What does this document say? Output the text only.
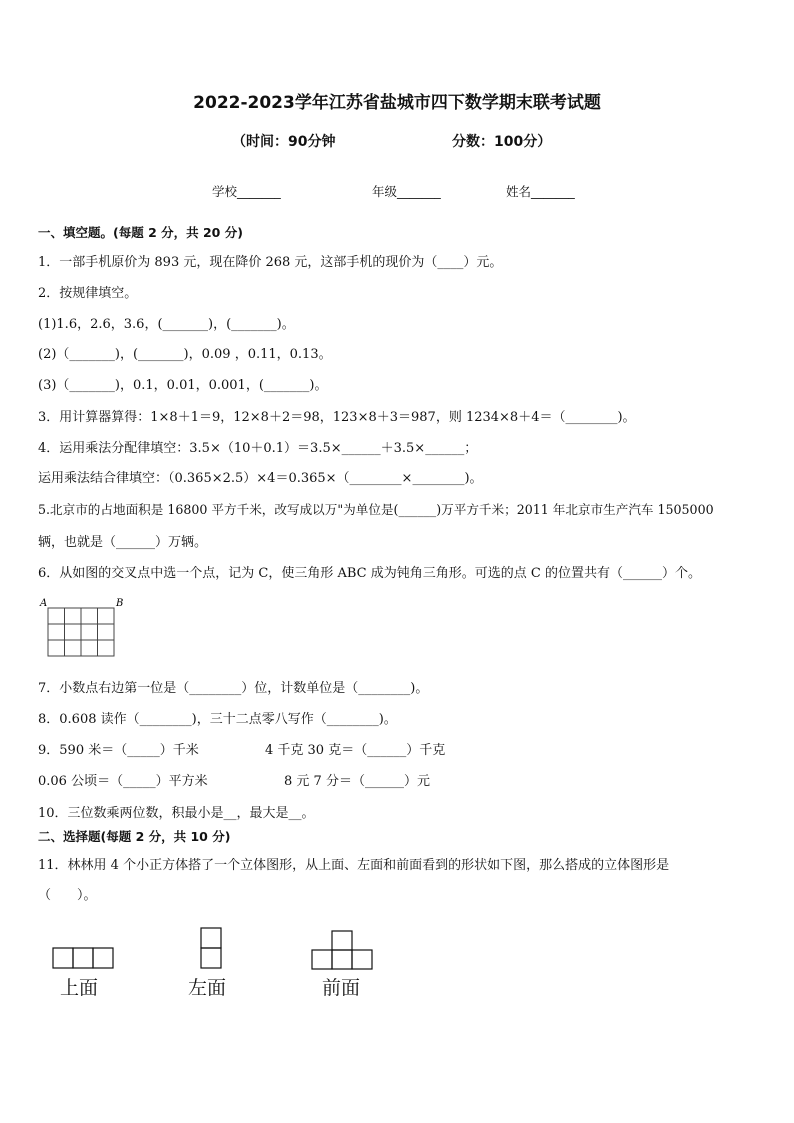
2022-2023学年江苏省盐城市四下数学期末联考试题
（时间：90分钟	分数：100分）
学校_______	年级_______	姓名_______
一、填空题。(每题 2 分，共 20 分)
1．一部手机原价为 893 元，现在降价 268 元，这部手机的现价为（____）元。
2．按规律填空。
(1)1.6，2.6，3.6，(_______)，(_______)。
(2)（_______)，(_______)，0.09 ，0.11，0.13。
(3)（_______)，0.1，0.01，0.001，(_______)。
3．用计算器算得：1×8＋1＝9，12×8＋2＝98，123×8＋3＝987，则 1234×8＋4＝（________)。
4．运用乘法分配律填空：3.5×（10＋0.1）＝3.5×______＋3.5×______；
运用乘法结合律填空：（0.365×2.5）×4＝0.365×（________×________)。
5.北京市的占地面积是 16800 平方千米，改写成以万"为单位是(______)万平方千米；2011 年北京市生产汽车 1505000
辆，也就是（______）万辆。
6．从如图的交叉点中选一个点，记为 C，使三角形 ABC 成为钝角三角形。可选的点 C 的位置共有（______）个。
A	B
7．小数点右边第一位是（________）位，计数单位是（________)。
8．0.608 读作（________)，三十二点零八写作（________)。
9．590 米＝（_____）千米	4 千克 30 克＝（______）千克
0.06 公顷＝（_____）平方米	8 元 7 分＝（______）元
10．三位数乘两位数，积最小是__，最大是__。
二、选择题(每题 2 分，共 10 分)
11．林林用 4 个小正方体搭了一个立体图形，从上面、左面和前面看到的形状如下图，那么搭成的立体图形是
（　　）。
上面	左面	前面
